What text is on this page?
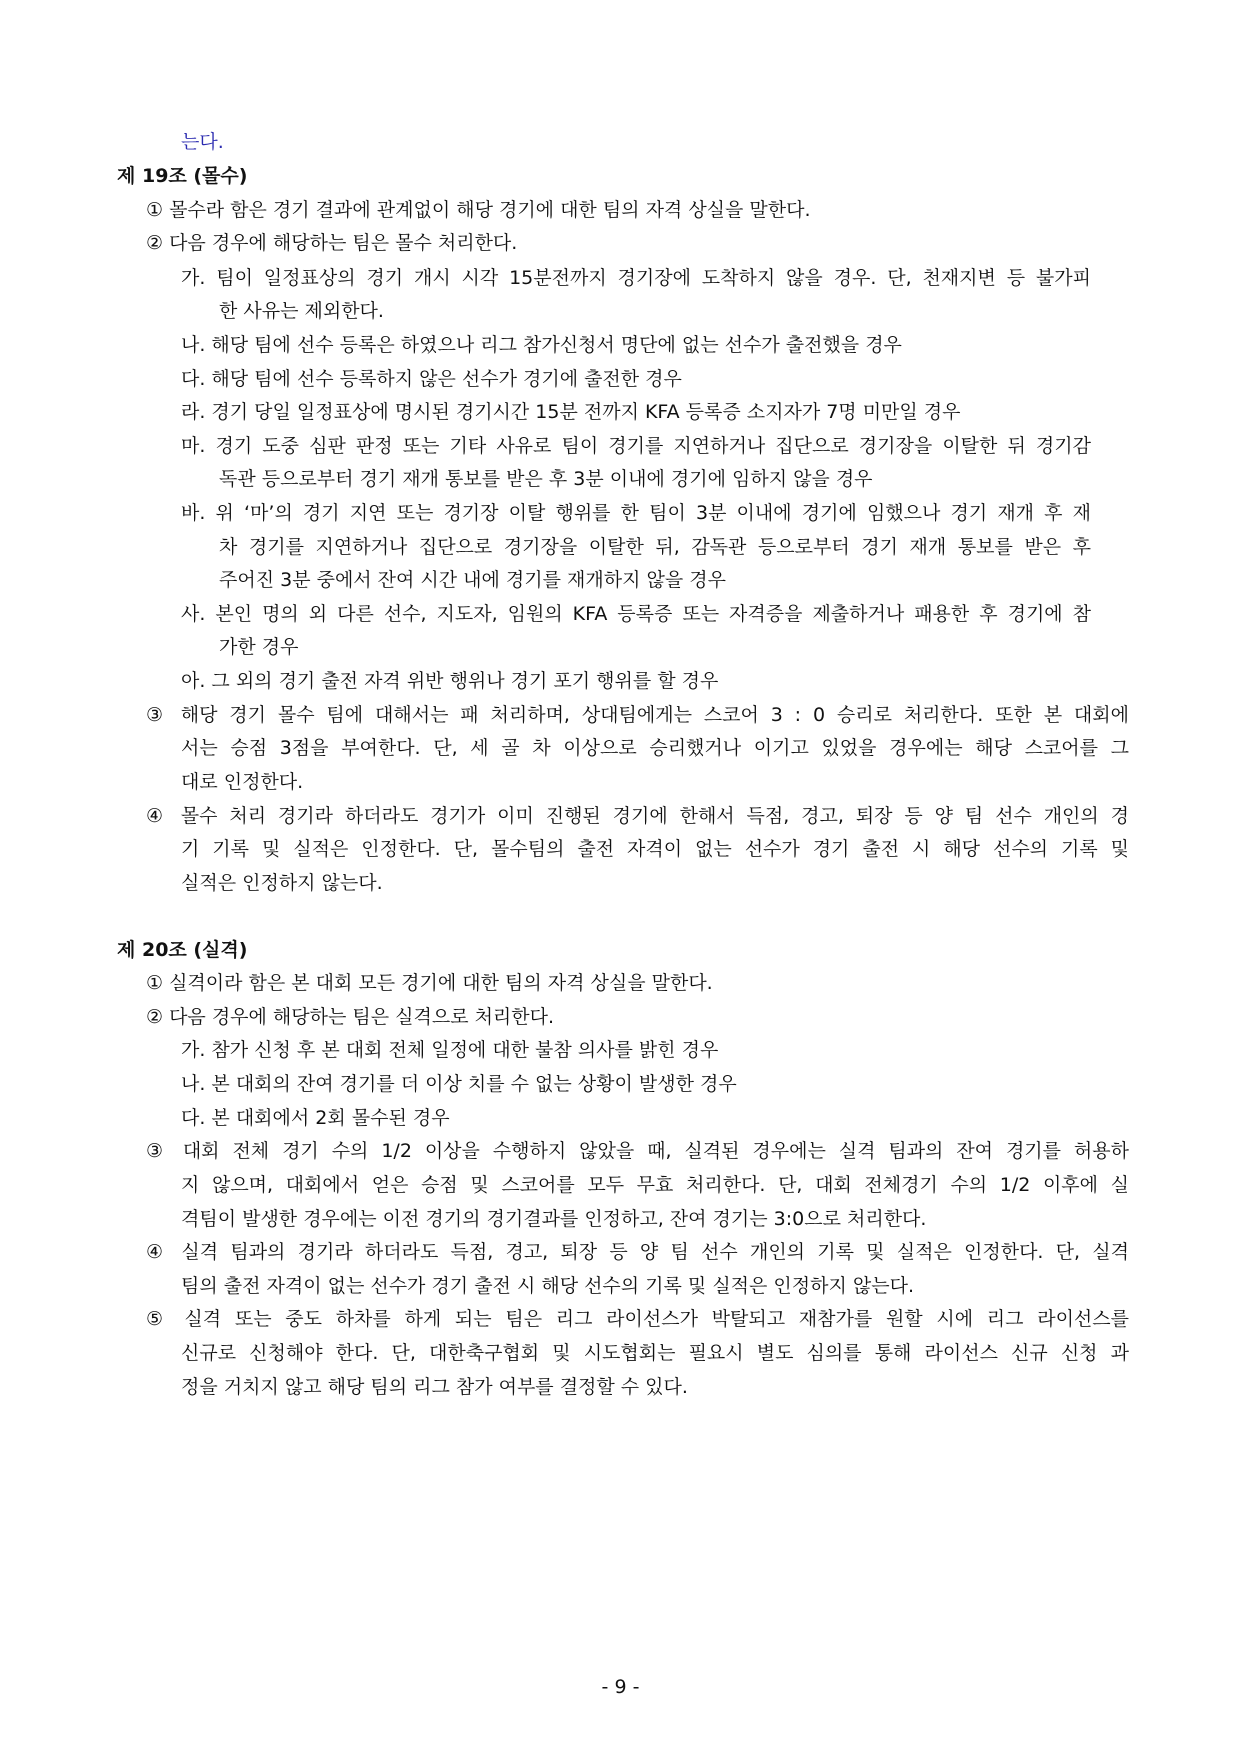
는다.
제 19조 (몰수)
① 몰수라 함은 경기 결과에 관계없이 해당 경기에 대한 팀의 자격 상실을 말한다.
② 다음 경우에 해당하는 팀은 몰수 처리한다.
가. 팀이 일정표상의 경기 개시 시각 15분전까지 경기장에 도착하지 않을 경우. 단, 천재지변 등 불가피
한 사유는 제외한다.
나. 해당 팀에 선수 등록은 하였으나 리그 참가신청서 명단에 없는 선수가 출전했을 경우
다. 해당 팀에 선수 등록하지 않은 선수가 경기에 출전한 경우
라. 경기 당일 일정표상에 명시된 경기시간 15분 전까지 KFA 등록증 소지자가 7명 미만일 경우
마. 경기 도중 심판 판정 또는 기타 사유로 팀이 경기를 지연하거나 집단으로 경기장을 이탈한 뒤 경기감
독관 등으로부터 경기 재개 통보를 받은 후 3분 이내에 경기에 임하지 않을 경우
바. 위 ‘마’의 경기 지연 또는 경기장 이탈 행위를 한 팀이 3분 이내에 경기에 임했으나 경기 재개 후 재
차 경기를 지연하거나 집단으로 경기장을 이탈한 뒤, 감독관 등으로부터 경기 재개 통보를 받은 후
주어진 3분 중에서 잔여 시간 내에 경기를 재개하지 않을 경우
사. 본인 명의 외 다른 선수, 지도자, 임원의 KFA 등록증 또는 자격증을 제출하거나 패용한 후 경기에 참
가한 경우
아. 그 외의 경기 출전 자격 위반 행위나 경기 포기 행위를 할 경우
③ 해당 경기 몰수 팀에 대해서는 패 처리하며, 상대팀에게는 스코어 3 : 0 승리로 처리한다. 또한 본 대회에
서는 승점 3점을 부여한다. 단, 세 골 차 이상으로 승리했거나 이기고 있었을 경우에는 해당 스코어를 그
대로 인정한다.
④ 몰수 처리 경기라 하더라도 경기가 이미 진행된 경기에 한해서 득점, 경고, 퇴장 등 양 팀 선수 개인의 경
기 기록 및 실적은 인정한다. 단, 몰수팀의 출전 자격이 없는 선수가 경기 출전 시 해당 선수의 기록 및
실적은 인정하지 않는다.
제 20조 (실격)
① 실격이라 함은 본 대회 모든 경기에 대한 팀의 자격 상실을 말한다.
② 다음 경우에 해당하는 팀은 실격으로 처리한다.
가. 참가 신청 후 본 대회 전체 일정에 대한 불참 의사를 밝힌 경우
나. 본 대회의 잔여 경기를 더 이상 치를 수 없는 상황이 발생한 경우
다. 본 대회에서 2회 몰수된 경우
③ 대회 전체 경기 수의 1/2 이상을 수행하지 않았을 때, 실격된 경우에는 실격 팀과의 잔여 경기를 허용하
지 않으며, 대회에서 얻은 승점 및 스코어를 모두 무효 처리한다. 단, 대회 전체경기 수의 1/2 이후에 실
격팀이 발생한 경우에는 이전 경기의 경기결과를 인정하고, 잔여 경기는 3:0으로 처리한다.
④ 실격 팀과의 경기라 하더라도 득점, 경고, 퇴장 등 양 팀 선수 개인의 기록 및 실적은 인정한다. 단, 실격
팀의 출전 자격이 없는 선수가 경기 출전 시 해당 선수의 기록 및 실적은 인정하지 않는다.
⑤ 실격 또는 중도 하차를 하게 되는 팀은 리그 라이선스가 박탈되고 재참가를 원할 시에 리그 라이선스를
신규로 신청해야 한다. 단, 대한축구협회 및 시도협회는 필요시 별도 심의를 통해 라이선스 신규 신청 과
정을 거치지 않고 해당 팀의 리그 참가 여부를 결정할 수 있다.
- 9 -
